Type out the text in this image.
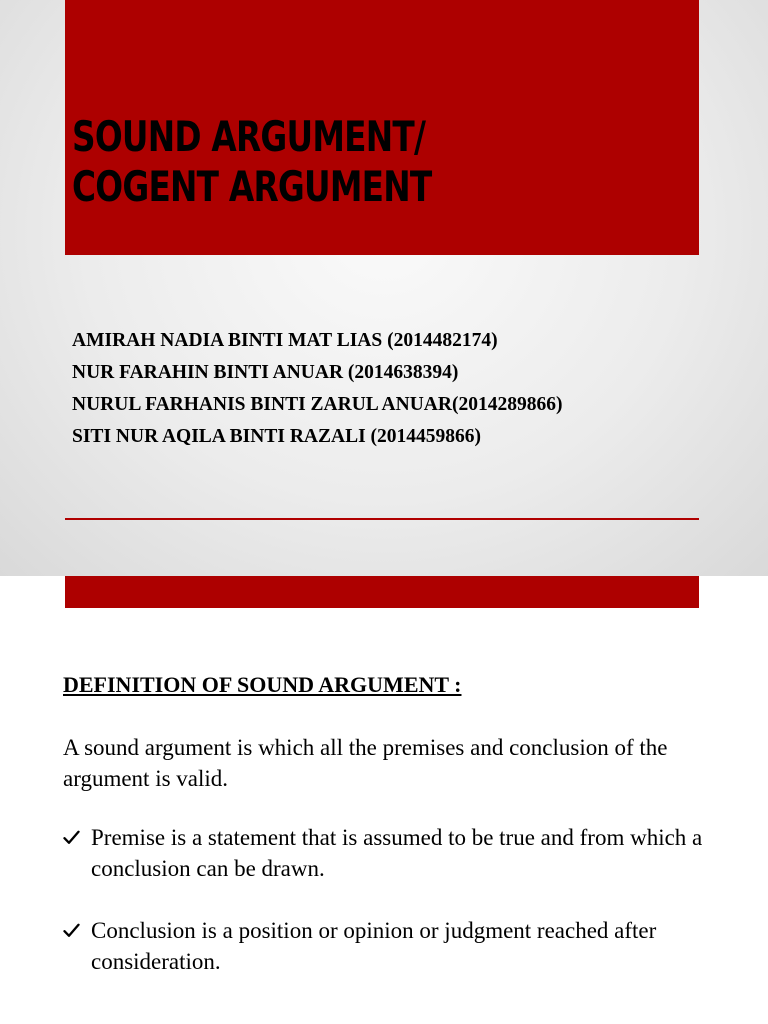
SOUND ARGUMENT/
COGENT ARGUMENT
AMIRAH NADIA BINTI MAT LIAS (2014482174)
NUR FARAHIN BINTI ANUAR (2014638394)
NURUL FARHANIS BINTI ZARUL ANUAR(2014289866)
SITI NUR AQILA BINTI RAZALI (2014459866)
DEFINITION OF SOUND ARGUMENT :

A sound argument is which all the premises and conclusion of the argument is valid.

Premise is a statement that is assumed to be true and from which a conclusion can be drawn.
Conclusion is a position or opinion or judgment reached after consideration.
